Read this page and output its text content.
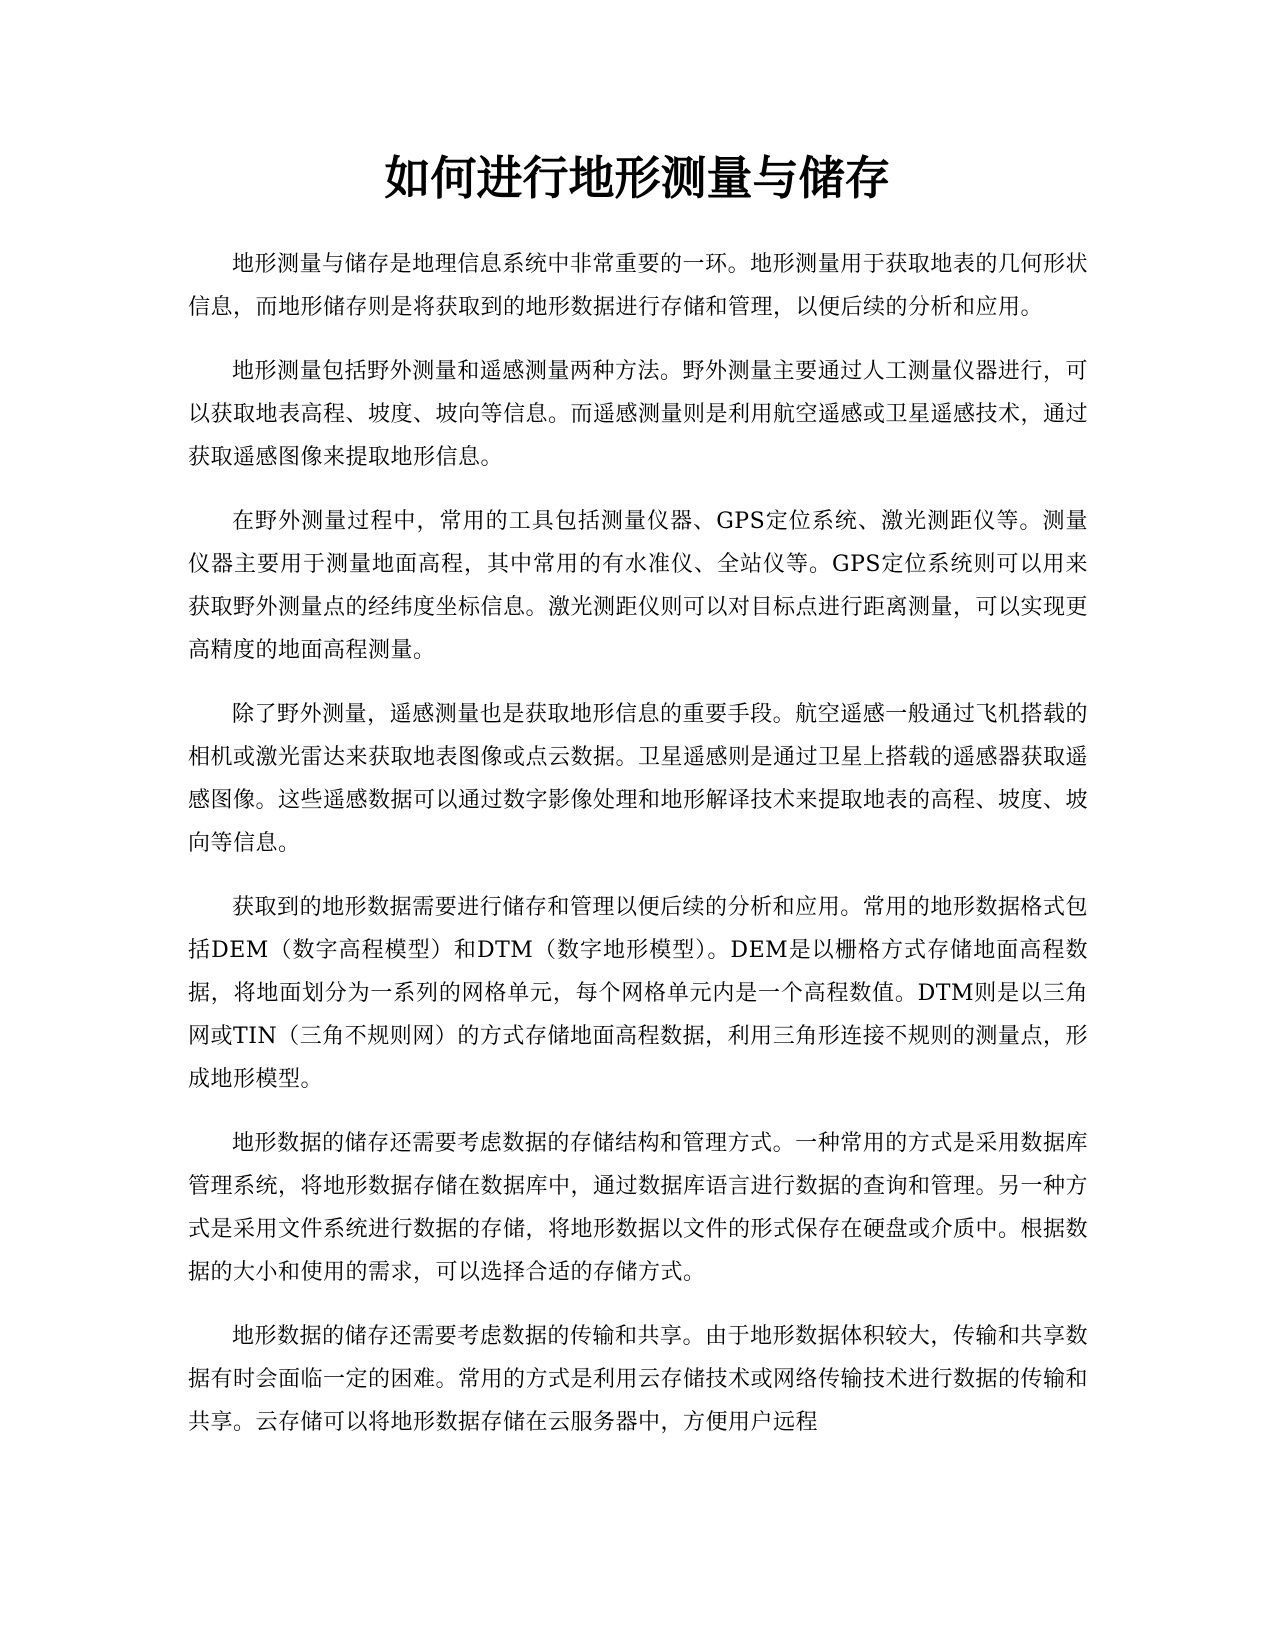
如何进行地形测量与储存

地形测量与储存是地理信息系统中非常重要的一环。地形测量用于获取地表的几何形状信息，而地形储存则是将获取到的地形数据进行存储和管理，以便后续的分析和应用。

地形测量包括野外测量和遥感测量两种方法。野外测量主要通过人工测量仪器进行，可以获取地表高程、坡度、坡向等信息。而遥感测量则是利用航空遥感或卫星遥感技术，通过获取遥感图像来提取地形信息。

在野外测量过程中，常用的工具包括测量仪器、GPS定位系统、激光测距仪等。测量仪器主要用于测量地面高程，其中常用的有水准仪、全站仪等。GPS定位系统则可以用来获取野外测量点的经纬度坐标信息。激光测距仪则可以对目标点进行距离测量，可以实现更高精度的地面高程测量。

除了野外测量，遥感测量也是获取地形信息的重要手段。航空遥感一般通过飞机搭载的相机或激光雷达来获取地表图像或点云数据。卫星遥感则是通过卫星上搭载的遥感器获取遥感图像。这些遥感数据可以通过数字影像处理和地形解译技术来提取地表的高程、坡度、坡向等信息。

获取到的地形数据需要进行储存和管理以便后续的分析和应用。常用的地形数据格式包括DEM（数字高程模型）和DTM（数字地形模型）。DEM是以栅格方式存储地面高程数据，将地面划分为一系列的网格单元，每个网格单元内是一个高程数值。DTM则是以三角网或TIN（三角不规则网）的方式存储地面高程数据，利用三角形连接不规则的测量点，形成地形模型。

地形数据的储存还需要考虑数据的存储结构和管理方式。一种常用的方式是采用数据库管理系统，将地形数据存储在数据库中，通过数据库语言进行数据的查询和管理。另一种方式是采用文件系统进行数据的存储，将地形数据以文件的形式保存在硬盘或介质中。根据数据的大小和使用的需求，可以选择合适的存储方式。

地形数据的储存还需要考虑数据的传输和共享。由于地形数据体积较大，传输和共享数据有时会面临一定的困难。常用的方式是利用云存储技术或网络传输技术进行数据的传输和共享。云存储可以将地形数据存储在云服务器中，方便用户远程
